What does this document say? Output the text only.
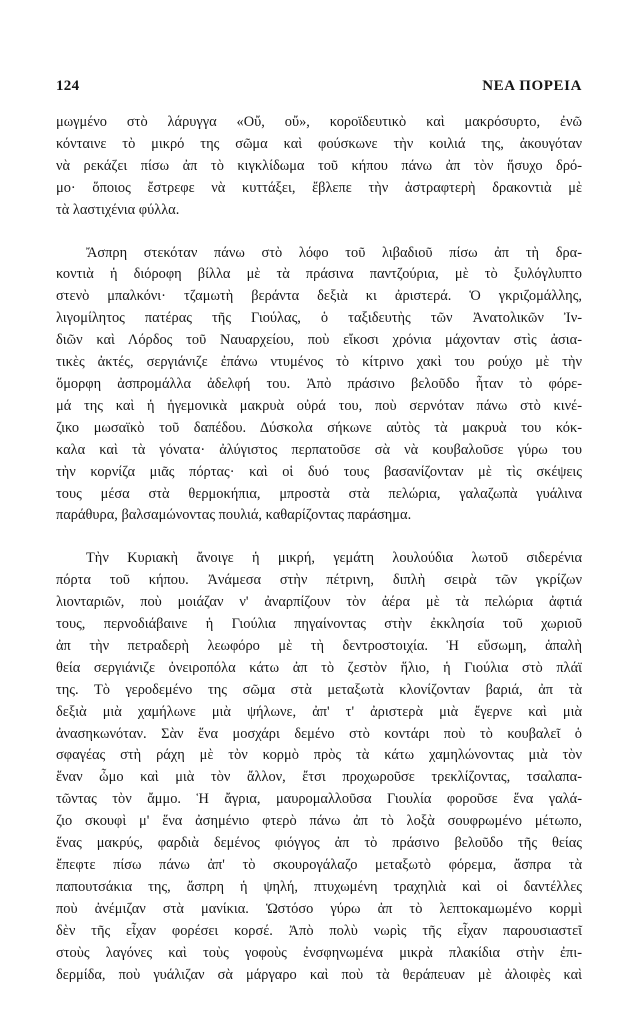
124	ΝΕΑ ΠΟΡΕΙΑ

μωγμένο στὸ λάρυγγα «Οὔ, οὔ», κοροϊδευτικὸ καὶ μακρόσυρτο, ἐνῶ
κόνταινε τὸ μικρό της σῶμα καὶ φούσκωνε τὴν κοιλιά της, ἀκουγόταν
νὰ ρεκάζει πίσω ἀπ τὸ κιγκλίδωμα τοῦ κήπου πάνω ἀπ τὸν ἥσυχο δρό-
μο· ὅποιος ἔστρεφε νὰ κυττάξει, ἔβλεπε τὴν ἀστραφτερὴ δρακοντιὰ μὲ
τὰ λαστιχένια φύλλα.

Ἄσπρη στεκόταν πάνω στὸ λόφο τοῦ λιβαδιοῦ πίσω ἀπ τὴ δρα-
κοντιὰ ἡ διόροφη βίλλα μὲ τὰ πράσινα παντζούρια, μὲ τὸ ξυλόγλυπτο
στενὸ μπαλκόνι· τζαμωτὴ βεράντα δεξιὰ κι ἀριστερά. Ὁ γκριζομάλλης,
λιγομίλητος πατέρας τῆς Γιούλας, ὁ ταξιδευτὴς τῶν Ἀνατολικῶν Ἰν-
διῶν καὶ Λόρδος τοῦ Ναυαρχείου, ποὺ εἴκοσι χρόνια μάχονταν στὶς ἀσια-
τικὲς ἀκτές, σεργιάνιζε ἐπάνω ντυμένος τὸ κίτρινο χακὶ του ρούχο μὲ τὴν
ὅμορφη ἀσπρομάλλα ἀδελφή του. Ἀπὸ πράσινο βελοῦδο ἦταν τὸ φόρε-
μά της καὶ ἡ ἡγεμονικὰ μακρυὰ οὐρά του, ποὺ σερνόταν πάνω στὸ κινέ-
ζικο μωσαϊκὸ τοῦ δαπέδου. Δύσκολα σήκωνε αὐτὸς τὰ μακρυὰ του κόκ-
καλα καὶ τὰ γόνατα· ἀλύγιστος περπατοῦσε σὰ νὰ κουβαλοῦσε γύρω του
τὴν κορνίζα μιᾶς πόρτας· καὶ οἱ δυό τους βασανίζονταν μὲ τὶς σκέψεις
τους μέσα στὰ θερμοκήπια, μπροστὰ στὰ πελώρια, γαλαζωπὰ γυάλινα
παράθυρα, βαλσαμώνοντας πουλιά, καθαρίζοντας παράσημα.

Τὴν Κυριακὴ ἄνοιγε ἡ μικρή, γεμάτη λουλούδια λωτοῦ σιδερένια
πόρτα τοῦ κήπου. Ἀνάμεσα στὴν πέτρινη, διπλὴ σειρὰ τῶν γκρίζων
λιονταριῶν, ποὺ μοιάζαν ν' ἀναρπίζουν τὸν ἀέρα μὲ τὰ πελώρια ἀφτιά
τους, περνοδιάβαινε ἡ Γιούλια πηγαίνοντας στὴν ἐκκλησία τοῦ χωριοῦ
ἀπ τὴν πετραδερὴ λεωφόρο μὲ τὴ δεντροστοιχία. Ἡ εὔσωμη, ἁπαλὴ
θεία σεργιάνιζε ὀνειροπόλα κάτω ἀπ τὸ ζεστὸν ἥλιο, ἡ Γιούλια στὸ πλάϊ
της. Τὸ γεροδεμένο της σῶμα στὰ μεταξωτὰ κλονίζονταν βαριά, ἀπ τὰ
δεξιὰ μιὰ χαμήλωνε μιὰ ψήλωνε, ἀπ' τ' ἀριστερὰ μιὰ ἔγερνε καὶ μιὰ
ἀνασηκωνόταν. Σὰν ἕνα μοσχάρι δεμένο στὸ κοντάρι ποὺ τὸ κουβαλεῖ ὁ
σφαγέας στὴ ράχη μὲ τὸν κορμὸ πρὸς τὰ κάτω χαμηλώνοντας μιὰ τὸν
ἕναν ὦμο καὶ μιὰ τὸν ἄλλον, ἔτσι προχωροῦσε τρεκλίζοντας, τσαλαπα-
τῶντας τὸν ἄμμο. Ἡ ἄγρια, μαυρομαλλοῦσα Γιουλία φοροῦσε ἕνα γαλά-
ζιο σκουφὶ μ' ἕνα ἀσημένιο φτερὸ πάνω ἀπ τὸ λοξὰ σουφρωμένο μέτωπο,
ἕνας μακρύς, φαρδιὰ δεμένος φιόγγος ἀπ τὸ πράσινο βελοῦδο τῆς θείας
ἔπεφτε πίσω πάνω ἀπ' τὸ σκουρογάλαζο μεταξωτὸ φόρεμα, ἄσπρα τὰ
παπουτσάκια της, ἄσπρη ἡ ψηλή, πτυχωμένη τραχηλιὰ καὶ οἱ δαντέλλες
ποὺ ἀνέμιζαν στὰ μανίκια. Ὡστόσο γύρω ἀπ τὸ λεπτοκαμωμένο κορμὶ
δὲν τῆς εἶχαν φορέσει κορσέ. Ἀπὸ πολὺ νωρὶς τῆς εἶχαν παρουσιαστεῖ
στοὺς λαγόνες καὶ τοὺς γοφοὺς ἐνσφηνωμένα μικρὰ πλακίδια στὴν ἐπι-
δερμίδα, ποὺ γυάλιζαν σὰ μάργαρο καὶ ποὺ τὰ θεράπευαν μὲ ἀλοιφὲς καὶ
